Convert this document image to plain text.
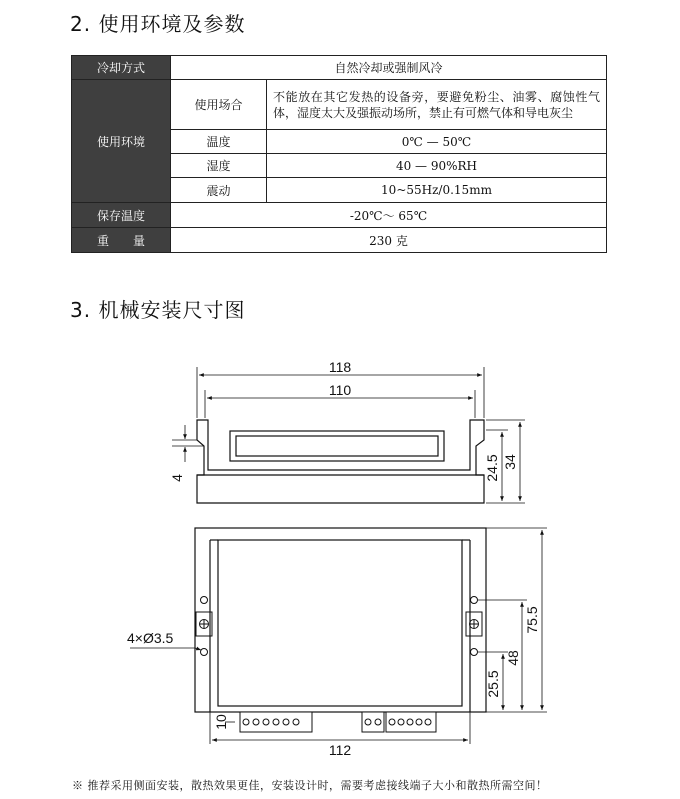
2. 使用环境及参数
冷却方式	自然冷却或强制风冷	
使用环境	使用场合	不能放在其它发热的设备旁，要避免粉尘、油雾、腐蚀性气体，湿度太大及强振动场所，禁止有可燃气体和导电灰尘
	温度	0℃ — 50℃
	湿度	40 — 90%RH
	震动	10~55Hz/0.15mm
保存温度	-20℃～ 65℃	
重　　量	230 克	
3. 机械安装尺寸图
118
110
4	24.5 34
4×Ø3.5
75.5
48
25.5
10
112
※ 推荐采用侧面安装，散热效果更佳，安装设计时，需要考虑接线端子大小和散热所需空间！
